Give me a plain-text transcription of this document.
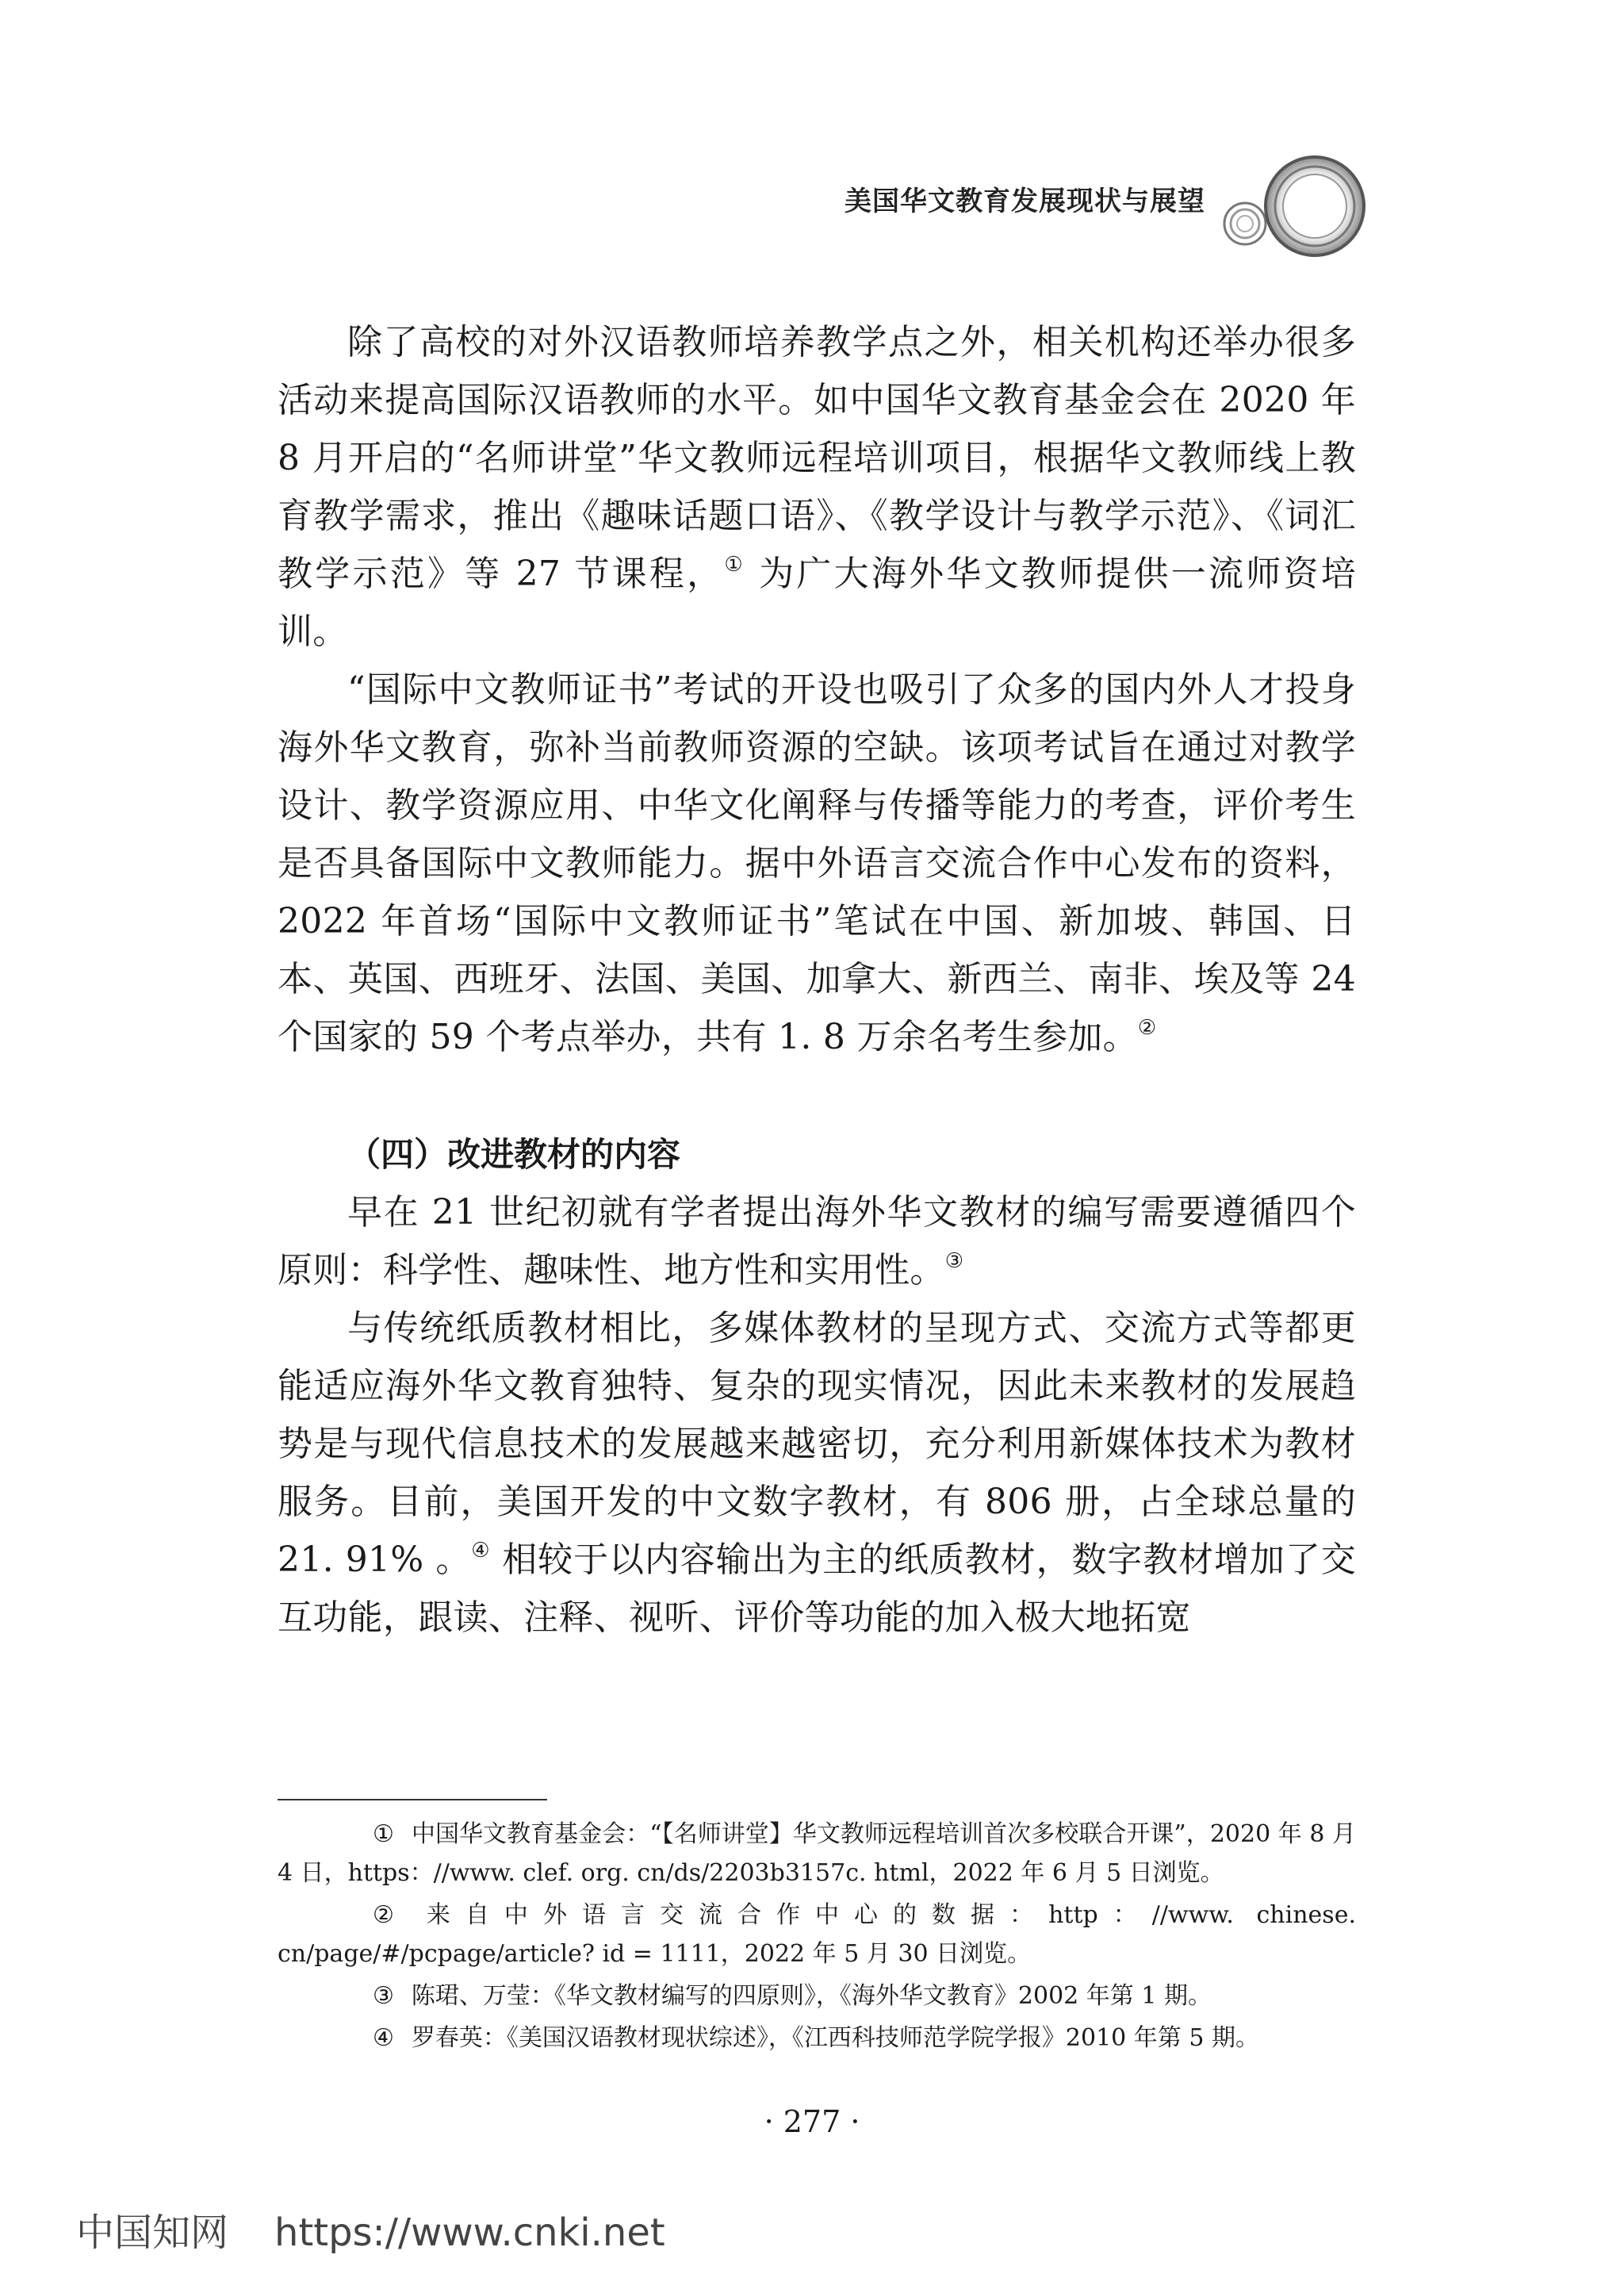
美国华文教育发展现状与展望

除了高校的对外汉语教师培养教学点之外，相关机构还举办很多活动来提高国际汉语教师的水平。如中国华文教育基金会在 2020 年 8 月开启的“名师讲堂”华文教师远程培训项目，根据华文教师线上教育教学需求，推出《趣味话题口语》、《教学设计与教学示范》、《词汇教学示范》等 27 节课程，① 为广大海外华文教师提供一流师资培训。

“国际中文教师证书”考试的开设也吸引了众多的国内外人才投身海外华文教育，弥补当前教师资源的空缺。该项考试旨在通过对教学设计、教学资源应用、中华文化阐释与传播等能力的考查，评价考生是否具备国际中文教师能力。据中外语言交流合作中心发布的资料，2022 年首场“国际中文教师证书”笔试在中国、新加坡、韩国、日本、英国、西班牙、法国、美国、加拿大、新西兰、南非、埃及等 24 个国家的 59 个考点举办，共有 1. 8 万余名考生参加。②

（四）改进教材的内容

早在 21 世纪初就有学者提出海外华文教材的编写需要遵循四个原则：科学性、趣味性、地方性和实用性。③

与传统纸质教材相比，多媒体教材的呈现方式、交流方式等都更能适应海外华文教育独特、复杂的现实情况，因此未来教材的发展趋势是与现代信息技术的发展越来越密切，充分利用新媒体技术为教材服务。目前，美国开发的中文数字教材，有 806 册，占全球总量的 21. 91% 。④ 相较于以内容输出为主的纸质教材，数字教材增加了交互功能，跟读、注释、视听、评价等功能的加入极大地拓宽

① 中国华文教育基金会：“【名师讲堂】华文教师远程培训首次多校联合开课”，2020 年 8 月 4 日，https：//www. clef. org. cn/ds/2203b3157c. html，2022 年 6 月 5 日浏览。

② 来自中外语言交流合作中心的数据：http：//www. chinese. cn/page/#/pcpage/article? id = 1111，2022 年 5 月 30 日浏览。

③ 陈珺、万莹：《华文教材编写的四原则》，《海外华文教育》2002 年第 1 期。

④ 罗春英：《美国汉语教材现状综述》，《江西科技师范学院学报》2010 年第 5 期。

· 277 ·
中国知网 https://www.cnki.net
